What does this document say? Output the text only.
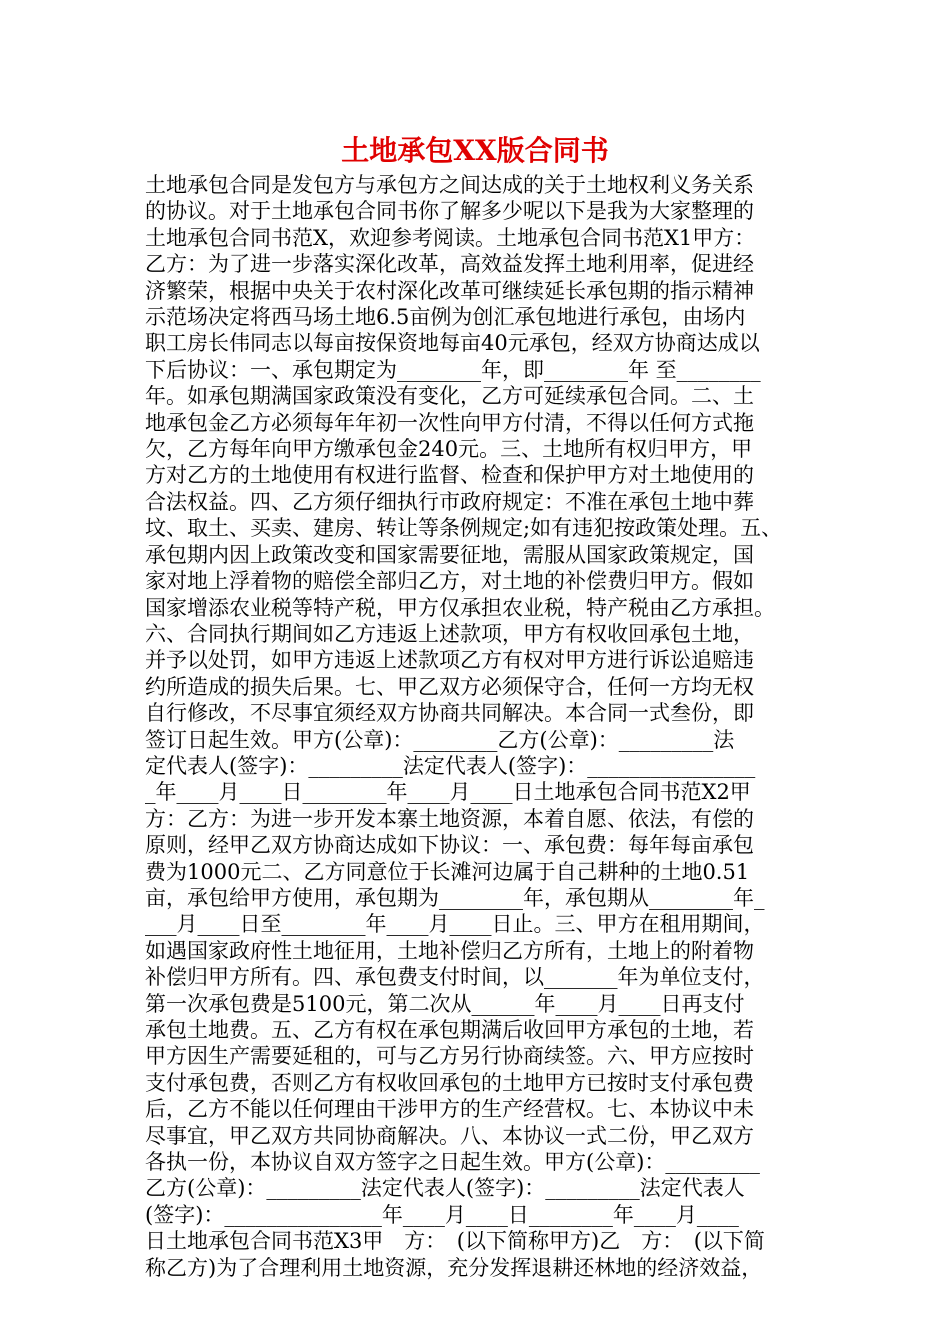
土地承包XX版合同书
土地承包合同是发包方与承包方之间达成的关于土地权利义务关系
的协议。对于土地承包合同书你了解多少呢以下是我为大家整理的
土地承包合同书范X，欢迎参考阅读。土地承包合同书范X1甲方：
乙方：为了进一步落实深化改革，高效益发挥土地利用率，促进经
济繁荣，根据中央关于农村深化改革可继续延长承包期的指示精神
示范场决定将西马场土地6.5亩例为创汇承包地进行承包，由场内
职工房长伟同志以每亩按保资地每亩40元承包，经双方协商达成以
下后协议：一、承包期定为________年，即________年 至________
年。如承包期满国家政策没有变化，乙方可延续承包合同。二、土
地承包金乙方必须每年年初一次性向甲方付清，不得以任何方式拖
欠，乙方每年向甲方缴承包金240元。三、土地所有权归甲方，甲
方对乙方的土地使用有权进行监督、检查和保护甲方对土地使用的
合法权益。四、乙方须仔细执行市政府规定：不准在承包土地中葬
坟、取土、买卖、建房、转让等条例规定;如有违犯按政策处理。五、
承包期内因上政策改变和国家需要征地，需服从国家政策规定，国
家对地上浮着物的赔偿全部归乙方，对土地的补偿费归甲方。假如
国家增添农业税等特产税，甲方仅承担农业税，特产税由乙方承担。
六、合同执行期间如乙方违返上述款项，甲方有权收回承包土地，
并予以处罚，如甲方违返上述款项乙方有权对甲方进行诉讼追赔违
约所造成的损失后果。七、甲乙双方必须保守合，任何一方均无权
自行修改，不尽事宜须经双方协商共同解决。本合同一式叁份，即
签订日起生效。甲方(公章)：________乙方(公章)：_________法
定代表人(签字)：_________法定代表人(签字)：________________
_年____月____日________年____月____日土地承包合同书范X2甲
方：乙方：为进一步开发本寨土地资源，本着自愿、依法，有偿的
原则，经甲乙双方协商达成如下协议：一、承包费：每年每亩承包
费为1000元二、乙方同意位于长滩河边属于自己耕种的土地0.51
亩，承包给甲方使用，承包期为________年，承包期从________年_
___月____日至________年____月____日止。三、甲方在租用期间，
如遇国家政府性土地征用，土地补偿归乙方所有，土地上的附着物
补偿归甲方所有。四、承包费支付时间，以_______年为单位支付，
第一次承包费是5100元，第二次从______年____月____日再支付
承包土地费。五、乙方有权在承包期满后收回甲方承包的土地，若
甲方因生产需要延租的，可与乙方另行协商续签。六、甲方应按时
支付承包费，否则乙方有权收回承包的土地甲方已按时支付承包费
后，乙方不能以任何理由干涉甲方的生产经营权。七、本协议中未
尽事宜，甲乙双方共同协商解决。八、本协议一式二份，甲乙双方
各执一份，本协议自双方签字之日起生效。甲方(公章)：_________
乙方(公章)：_________法定代表人(签字)：_________法定代表人
(签字)：_______________年____月____日________年____月____
日土地承包合同书范X3甲　方：　(以下简称甲方)乙　方：　(以下简
称乙方)为了合理利用土地资源，充分发挥退耕还林地的经济效益，
